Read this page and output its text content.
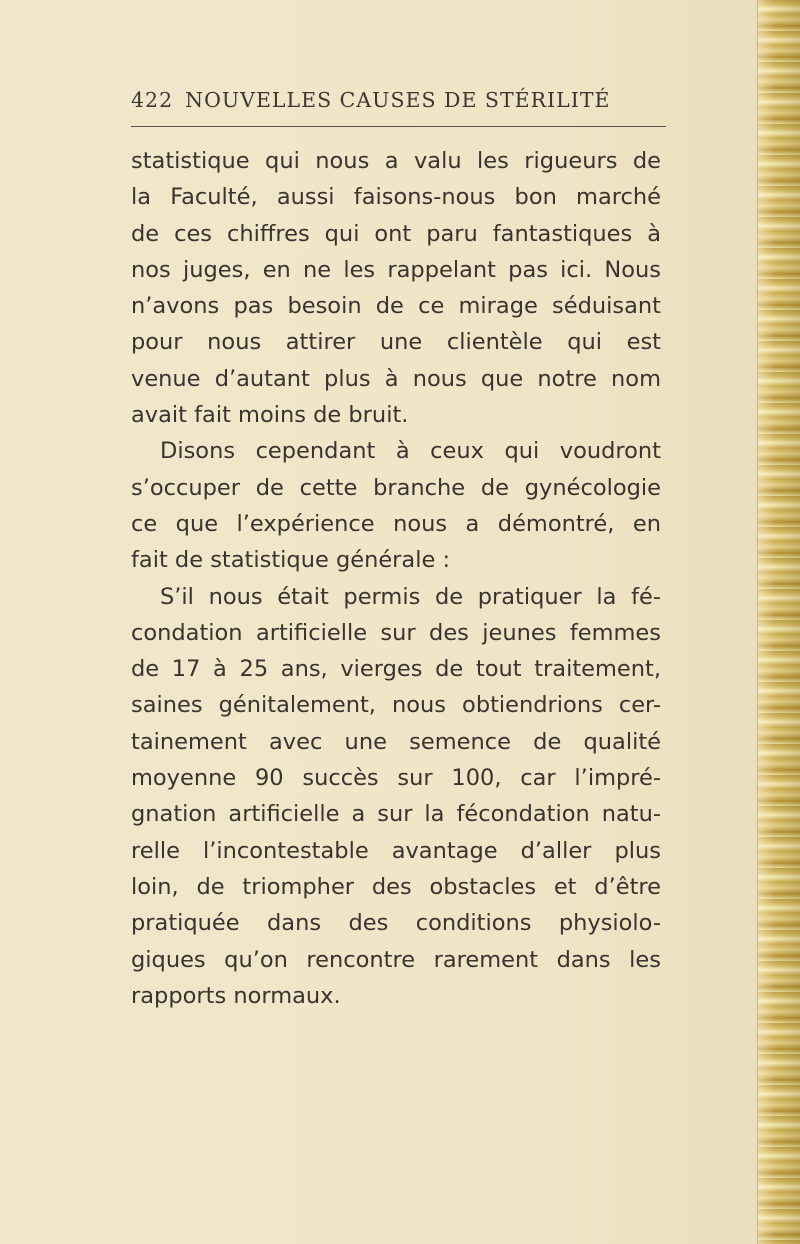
422 NOUVELLES CAUSES DE STÉRILITÉ
statistique qui nous a valu les rigueurs de
la Faculté, aussi faisons-nous bon marché
de ces chiffres qui ont paru fantastiques à
nos juges, en ne les rappelant pas ici. Nous
n’avons pas besoin de ce mirage séduisant
pour nous attirer une clientèle qui est
venue d’autant plus à nous que notre nom
avait fait moins de bruit.
Disons cependant à ceux qui voudront
s’occuper de cette branche de gynécologie
ce que l’expérience nous a démontré, en
fait de statistique générale :
S’il nous était permis de pratiquer la fé-
condation artificielle sur des jeunes femmes
de 17 à 25 ans, vierges de tout traitement,
saines génitalement, nous obtiendrions cer-
tainement avec une semence de qualité
moyenne 90 succès sur 100, car l’impré-
gnation artificielle a sur la fécondation natu-
relle l’incontestable avantage d’aller plus
loin, de triompher des obstacles et d’être
pratiquée dans des conditions physiolo-
giques qu’on rencontre rarement dans les
rapports normaux.
